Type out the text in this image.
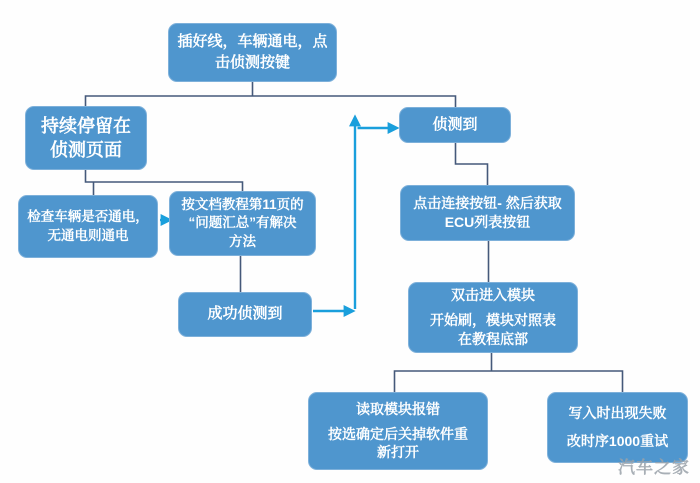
插好线，车辆通电，点
击侦测按键
持续停留在
侦测页面
侦测到
检查车辆是否通电，
无通电则通电
按文档教程第11页的
“问题汇总”有解决
方法
成功侦测到
点击连接按钮- 然后获取
ECU列表按钮
双击进入模块
开始刷，模块对照表
在教程底部
读取模块报错
按选确定后关掉软件重
新打开
写入时出现失败
改时序1000重试
汽车之家
